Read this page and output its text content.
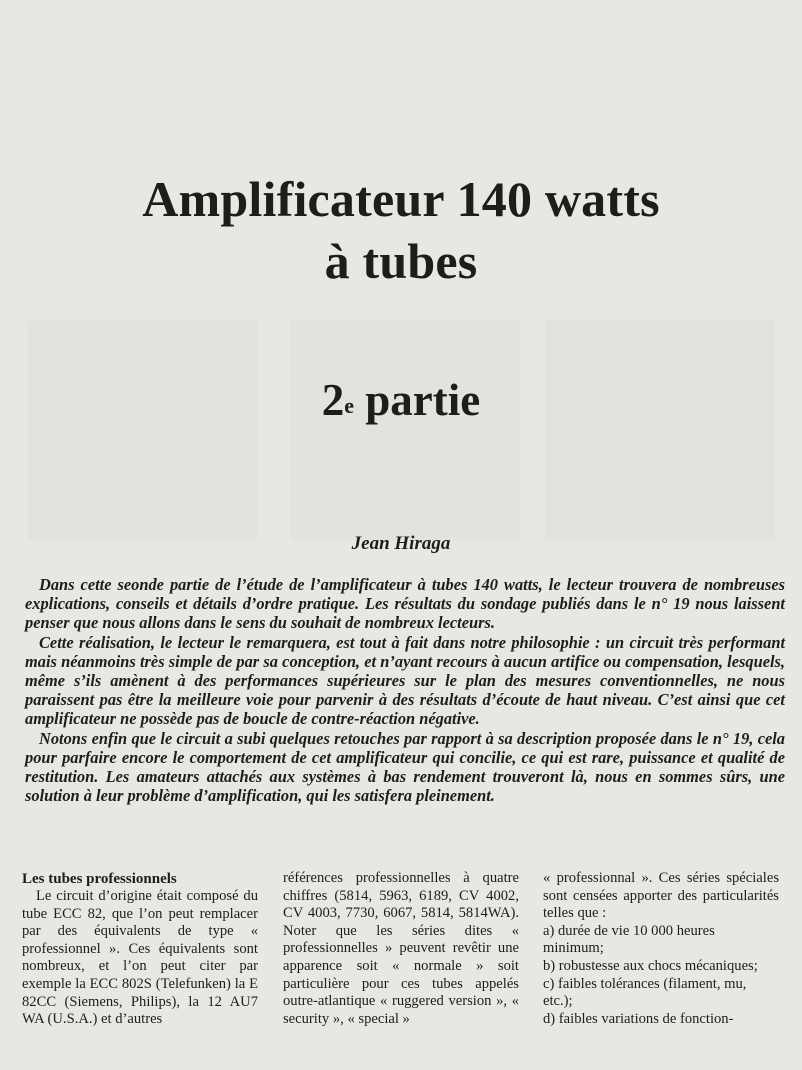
Amplificateur 140 watts
à tubes
2e partie
Jean Hiraga

Dans cette seonde partie de l’étude de l’amplificateur à tubes 140 watts, le lecteur trouvera de nombreuses explications, conseils et détails d’ordre pratique. Les résultats du sondage publiés dans le n° 19 nous laissent penser que nous allons dans le sens du souhait de nombreux lecteurs.

Cette réalisation, le lecteur le remarquera, est tout à fait dans notre philosophie : un circuit très performant mais néanmoins très simple de par sa conception, et n’ayant recours à aucun artifice ou compensation, lesquels, même s’ils amènent à des performances supérieures sur le plan des mesures conventionnelles, ne nous paraissent pas être la meilleure voie pour parvenir à des résultats d’écoute de haut niveau. C’est ainsi que cet amplificateur ne possède pas de boucle de contre-réaction négative.

Notons enfin que le circuit a subi quelques retouches par rapport à sa description proposée dans le n° 19, cela pour parfaire encore le comportement de cet amplificateur qui concilie, ce qui est rare, puissance et qualité de restitution. Les amateurs attachés aux systèmes à bas rendement trouveront là, nous en sommes sûrs, une solution à leur problème d’amplification, qui les satisfera pleinement.

Les tubes professionnels

Le circuit d’origine était composé du tube ECC 82, que l’on peut remplacer par des équivalents de type « professionnel ». Ces équivalents sont nombreux, et l’on peut citer par exemple la ECC 802S (Telefunken) la E 82CC (Siemens, Philips), la 12 AU7 WA (U.S.A.) et d’autres

références professionnelles à quatre chiffres (5814, 5963, 6189, CV 4002, CV 4003, 7730, 6067, 5814, 5814WA). Noter que les séries dites « professionnelles » peuvent revêtir une apparence soit « normale » soit particulière pour ces tubes appelés outre-atlantique « ruggered version », « security », « special »

« professionnal ». Ces séries spéciales sont censées apporter des particularités telles que :

a) durée de vie 10 000 heures minimum;

b) robustesse aux chocs mécaniques;

c) faibles tolérances (filament, mu, etc.);

d) faibles variations de fonction-
